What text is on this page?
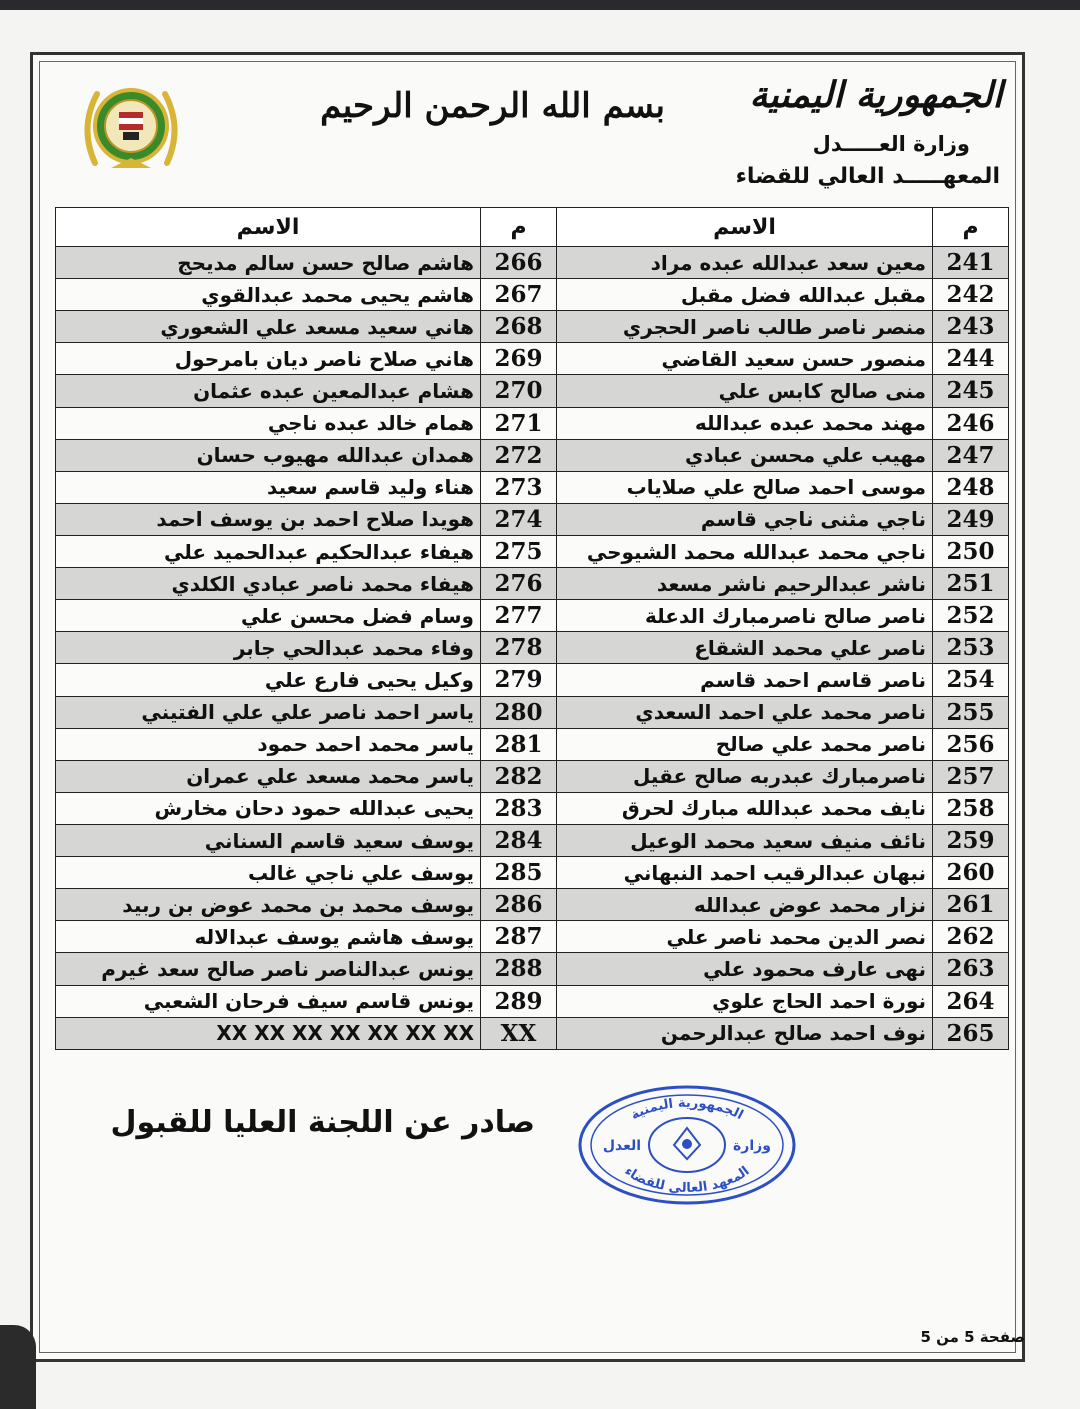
الجمهورية اليمنية
وزارة العـــــدل
المعهـــــد العالي للقضاء
بسم الله الرحمن الرحيم
م	الاسم	م	الاسم
241	معين سعد عبدالله عبده مراد	266	هاشم صالح حسن سالم مديحج
242	مقبل عبدالله فضل مقبل	267	هاشم يحيى محمد عبدالقوي
243	منصر ناصر طالب ناصر الحجري	268	هاني سعيد مسعد علي الشعوري
244	منصور حسن سعيد القاضي	269	هاني صلاح ناصر ديان بامرحول
245	منى صالح كابس علي	270	هشام عبدالمعين عبده عثمان
246	مهند محمد عبده عبدالله	271	همام خالد عبده ناجي
247	مهيب علي محسن عبادي	272	همدان عبدالله مهيوب حسان
248	موسى احمد صالح علي صلاياب	273	هناء وليد قاسم سعيد
249	ناجي مثنى ناجي قاسم	274	هويدا صلاح احمد بن يوسف احمد
250	ناجي محمد عبدالله محمد الشيوحي	275	هيفاء عبدالحكيم عبدالحميد علي
251	ناشر عبدالرحيم ناشر مسعد	276	هيفاء محمد ناصر عبادي الكلدي
252	ناصر صالح ناصرمبارك الدعلة	277	وسام فضل محسن علي
253	ناصر علي محمد الشقاع	278	وفاء محمد عبدالحي جابر
254	ناصر قاسم احمد قاسم	279	وكيل يحيى فارع علي
255	ناصر محمد علي احمد السعدي	280	ياسر احمد ناصر علي علي الفتيني
256	ناصر محمد علي صالح	281	ياسر محمد احمد حمود
257	ناصرمبارك عبدربه صالح عقيل	282	ياسر محمد مسعد علي عمران
258	نايف محمد عبدالله مبارك لحرق	283	يحيى عبدالله حمود دحان مخارش
259	نائف منيف سعيد محمد الوعيل	284	يوسف سعيد قاسم السناني
260	نبهان عبدالرقيب احمد النبهاني	285	يوسف علي ناجي غالب
261	نزار محمد عوض عبدالله	286	يوسف محمد بن محمد عوض بن ربيد
262	نصر الدين محمد ناصر علي	287	يوسف هاشم يوسف عبدالاله
263	نهى عارف محمود علي	288	يونس عبدالناصر ناصر صالح سعد غيرم
264	نورة احمد الحاج علوي	289	يونس قاسم سيف فرحان الشعبي
265	نوف احمد صالح عبدالرحمن	XX	XX XX XX XX XX XX XX
صادر عن اللجنة العليا للقبول	الجمهورية اليمنية
المعهد العالي للقضاء
العدل	وزارة
صفحة 5 من 5
